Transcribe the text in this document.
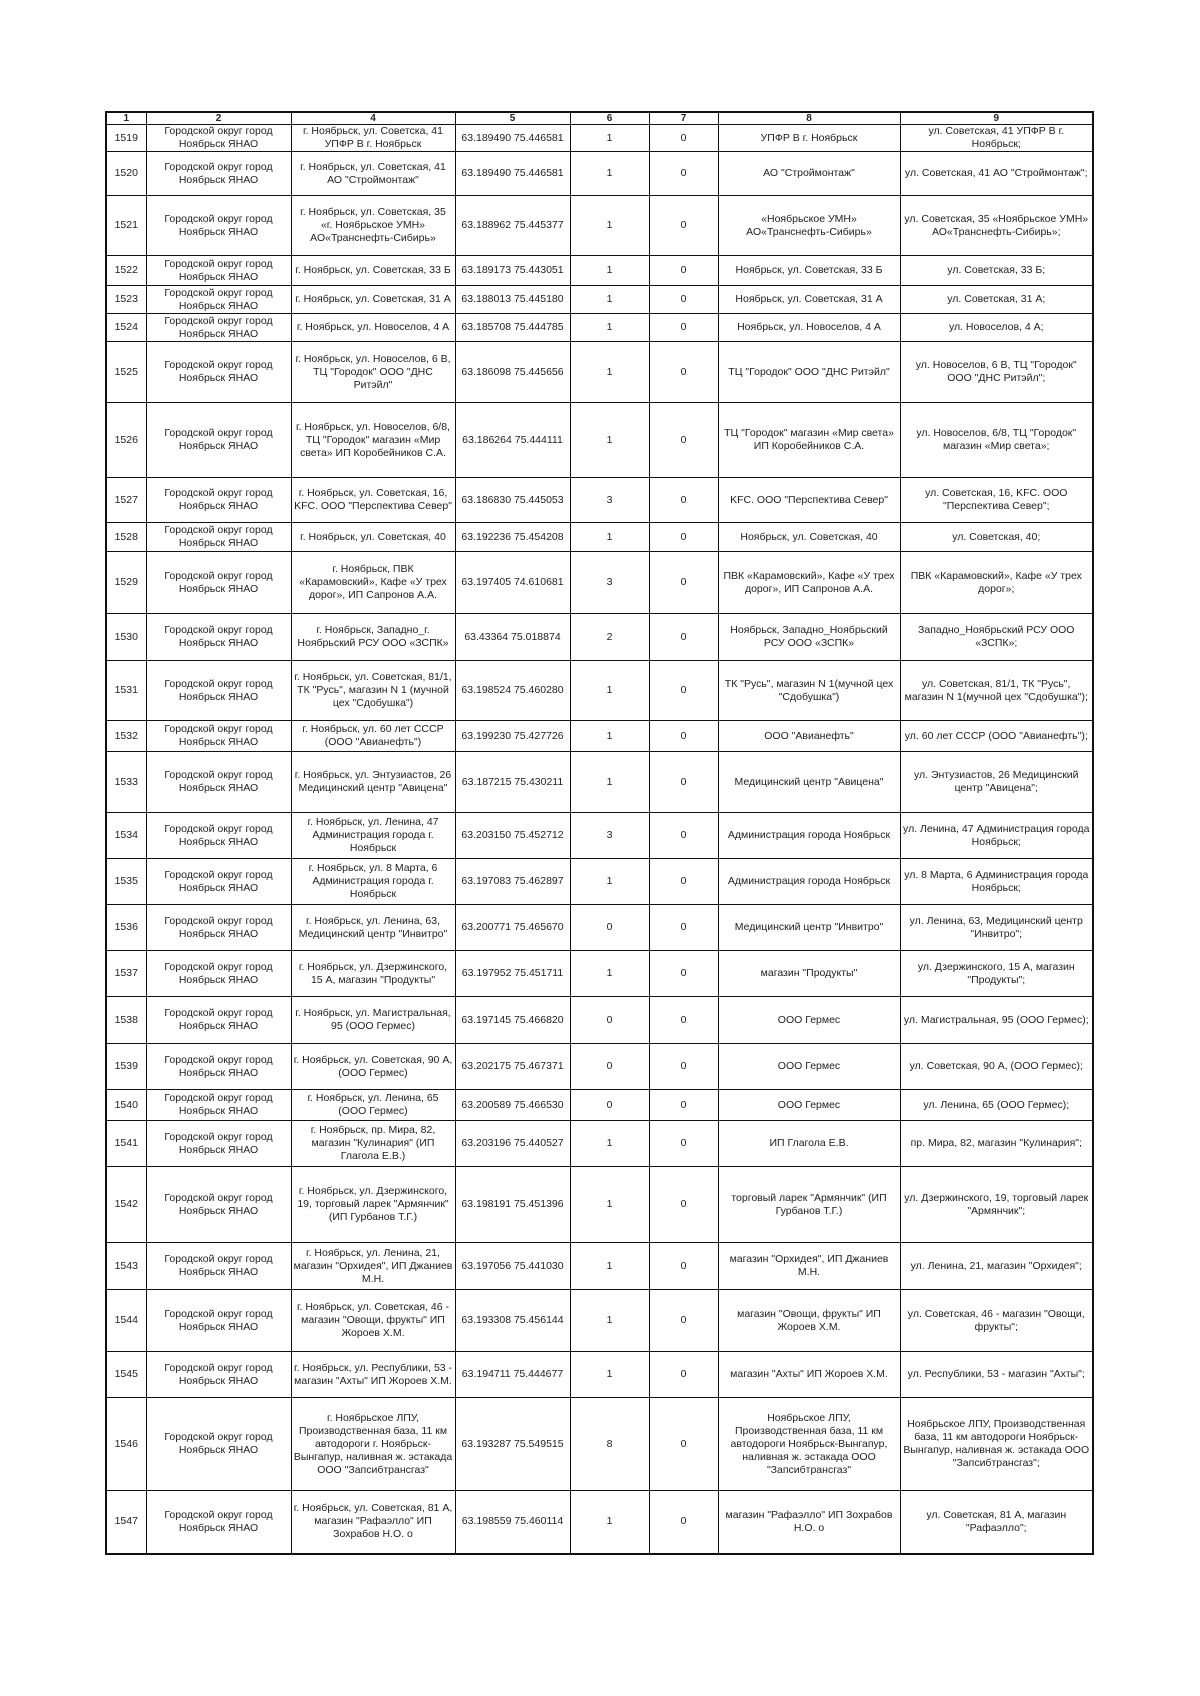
1	2	4	5	6	7	8	9
1519	Городской округ город Ноябрьск ЯНАО	г. Ноябрьск, ул. Советска, 41 УПФР В г. Ноябрьск	63.189490 75.446581	1	0	УПФР В г. Ноябрьск	ул. Советская, 41 УПФР В г. Ноябрьск;
1520	Городской округ город Ноябрьск ЯНАО	г. Ноябрьск, ул. Советская, 41 АО "Строймонтаж"	63.189490 75.446581	1	0	АО "Строймонтаж"	ул. Советская, 41 АО "Строймонтаж";
1521	Городской округ город Ноябрьск ЯНАО	г. Ноябрьск, ул. Советская, 35 «г. Ноябрьское УМН» АО«Транснефть-Сибирь»	63.188962 75.445377	1	0	«Ноябрьское УМН» АО«Транснефть-Сибирь»	ул. Советская, 35 «Ноябрьское УМН» АО«Транснефть-Сибирь»;
1522	Городской округ город Ноябрьск ЯНАО	г. Ноябрьск, ул. Советская, 33 Б	63.189173 75.443051	1	0	Ноябрьск, ул. Советская, 33 Б	ул. Советская, 33 Б;
1523	Городской округ город Ноябрьск ЯНАО	г. Ноябрьск, ул. Советская, 31 А	63.188013 75.445180	1	0	Ноябрьск, ул. Советская, 31 А	ул. Советская, 31 А;
1524	Городской округ город Ноябрьск ЯНАО	г. Ноябрьск, ул. Новоселов, 4 А	63.185708 75.444785	1	0	Ноябрьск, ул. Новоселов, 4 А	ул. Новоселов, 4 А;
1525	Городской округ город Ноябрьск ЯНАО	г. Ноябрьск, ул. Новоселов, 6 В, ТЦ "Городок" ООО "ДНС Ритэйл"	63.186098 75.445656	1	0	ТЦ "Городок" ООО "ДНС Ритэйл"	ул. Новоселов, 6 В, ТЦ "Городок" ООО "ДНС Ритэйл";
1526	Городской округ город Ноябрьск ЯНАО	г. Ноябрьск, ул. Новоселов, 6/8, ТЦ "Городок" магазин «Мир света» ИП Коробейников С.А.	63.186264 75.444111	1	0	ТЦ "Городок" магазин «Мир света» ИП Коробейников С.А.	ул. Новоселов, 6/8, ТЦ "Городок" магазин «Мир света»;
1527	Городской округ город Ноябрьск ЯНАО	г. Ноябрьск, ул. Советская, 16, KFC. ООО "Перспектива Север"	63.186830 75.445053	3	0	KFC. ООО "Перспектива Север"	ул. Советская, 16, KFC. ООО "Перспектива Север";
1528	Городской округ город Ноябрьск ЯНАО	г. Ноябрьск, ул. Советская, 40	63.192236 75.454208	1	0	Ноябрьск, ул. Советская, 40	ул. Советская, 40;
1529	Городской округ город Ноябрьск ЯНАО	г. Ноябрьск, ПВК «Карамовский», Кафе «У трех дорог», ИП Сапронов А.А.	63.197405 74.610681	3	0	ПВК «Карамовский», Кафе «У трех дорог», ИП Сапронов А.А.	ПВК «Карамовский», Кафе «У трех дорог»;
1530	Городской округ город Ноябрьск ЯНАО	г. Ноябрьск, Западно_г. Ноябрьский РСУ ООО «ЗСПК»	63.43364 75.018874	2	0	Ноябрьск, Западно_Ноябрьский РСУ ООО «ЗСПК»	Западно_Ноябрьский РСУ ООО «ЗСПК»;
1531	Городской округ город Ноябрьск ЯНАО	г. Ноябрьск, ул. Советская, 81/1, ТК "Русь", магазин N 1 (мучной цех "Сдобушка")	63.198524 75.460280	1	0	ТК "Русь", магазин N 1(мучной цех "Сдобушка")	ул. Советская, 81/1, ТК "Русь", магазин N 1(мучной цех "Сдобушка");
1532	Городской округ город Ноябрьск ЯНАО	г. Ноябрьск, ул. 60 лет СССР (ООО "Авианефть")	63.199230 75.427726	1	0	ООО "Авианефть"	ул. 60 лет СССР (ООО "Авианефть");
1533	Городской округ город Ноябрьск ЯНАО	г. Ноябрьск, ул. Энтузиастов, 26 Медицинский центр "Авицена"	63.187215 75.430211	1	0	Медицинский центр "Авицена"	ул. Энтузиастов, 26 Медицинский центр "Авицена";
1534	Городской округ город Ноябрьск ЯНАО	г. Ноябрьск, ул. Ленина, 47 Администрация города г. Ноябрьск	63.203150 75.452712	3	0	Администрация города Ноябрьск	ул. Ленина, 47 Администрация города Ноябрьск;
1535	Городской округ город Ноябрьск ЯНАО	г. Ноябрьск, ул. 8 Марта, 6 Администрация города г. Ноябрьск	63.197083 75.462897	1	0	Администрация города Ноябрьск	ул. 8 Марта, 6 Администрация города Ноябрьск;
1536	Городской округ город Ноябрьск ЯНАО	г. Ноябрьск, ул. Ленина, 63, Медицинский центр "Инвитро"	63.200771 75.465670	0	0	Медицинский центр "Инвитро"	ул. Ленина, 63, Медицинский центр "Инвитро";
1537	Городской округ город Ноябрьск ЯНАО	г. Ноябрьск, ул. Дзержинского, 15 А, магазин "Продукты"	63.197952 75.451711	1	0	магазин "Продукты"	ул. Дзержинского, 15 А, магазин "Продукты";
1538	Городской округ город Ноябрьск ЯНАО	г. Ноябрьск, ул. Магистральная, 95 (ООО Гермес)	63.197145 75.466820	0	0	ООО Гермес	ул. Магистральная, 95 (ООО Гермес);
1539	Городской округ город Ноябрьск ЯНАО	г. Ноябрьск, ул. Советская, 90 А, (ООО Гермес)	63.202175 75.467371	0	0	ООО Гермес	ул. Советская, 90 А, (ООО Гермес);
1540	Городской округ город Ноябрьск ЯНАО	г. Ноябрьск, ул. Ленина, 65 (ООО Гермес)	63.200589 75.466530	0	0	ООО Гермес	ул. Ленина, 65 (ООО Гермес);
1541	Городской округ город Ноябрьск ЯНАО	г. Ноябрьск, пр. Мира, 82, магазин "Кулинария" (ИП Глагола Е.В.)	63.203196 75.440527	1	0	ИП Глагола Е.В.	пр. Мира, 82, магазин "Кулинария";
1542	Городской округ город Ноябрьск ЯНАО	г. Ноябрьск, ул. Дзержинского, 19, торговый ларек "Армянчик" (ИП Гурбанов Т.Г.)	63.198191 75.451396	1	0	торговый ларек "Армянчик" (ИП Гурбанов Т.Г.)	ул. Дзержинского, 19, торговый ларек "Армянчик";
1543	Городской округ город Ноябрьск ЯНАО	г. Ноябрьск, ул. Ленина, 21, магазин "Орхидея", ИП Джаниев М.Н.	63.197056 75.441030	1	0	магазин "Орхидея", ИП Джаниев М.Н.	ул. Ленина, 21, магазин "Орхидея";
1544	Городской округ город Ноябрьск ЯНАО	г. Ноябрьск, ул. Советская, 46 - магазин "Овощи, фрукты" ИП Жороев Х.М.	63.193308 75.456144	1	0	магазин "Овощи, фрукты" ИП Жороев Х.М.	ул. Советская, 46 - магазин "Овощи, фрукты";
1545	Городской округ город Ноябрьск ЯНАО	г. Ноябрьск, ул. Республики, 53 - магазин "Ахты" ИП Жороев Х.М.	63.194711 75.444677	1	0	магазин "Ахты" ИП Жороев Х.М.	ул. Республики, 53 - магазин "Ахты";
1546	Городской округ город Ноябрьск ЯНАО	г. Ноябрьское ЛПУ, Производственная база, 11 км автодороги г. Ноябрьск-Вынгапур, наливная ж. эстакада ООО "Запсибтрансгаз"	63.193287 75.549515	8	0	Ноябрьское ЛПУ, Производственная база, 11 км автодороги Ноябрьск-Вынгапур, наливная ж. эстакада ООО "Запсибтрансгаз"	Ноябрьское ЛПУ, Производственная база, 11 км автодороги Ноябрьск-Вынгапур, наливная ж. эстакада ООО "Запсибтрансгаз";
1547	Городской округ город Ноябрьск ЯНАО	г. Ноябрьск, ул. Советская, 81 А, магазин "Рафаэлло" ИП Зохрабов Н.О. о	63.198559 75.460114	1	0	магазин "Рафаэлло" ИП Зохрабов Н.О. о	ул. Советская, 81 А, магазин "Рафаэлло";
